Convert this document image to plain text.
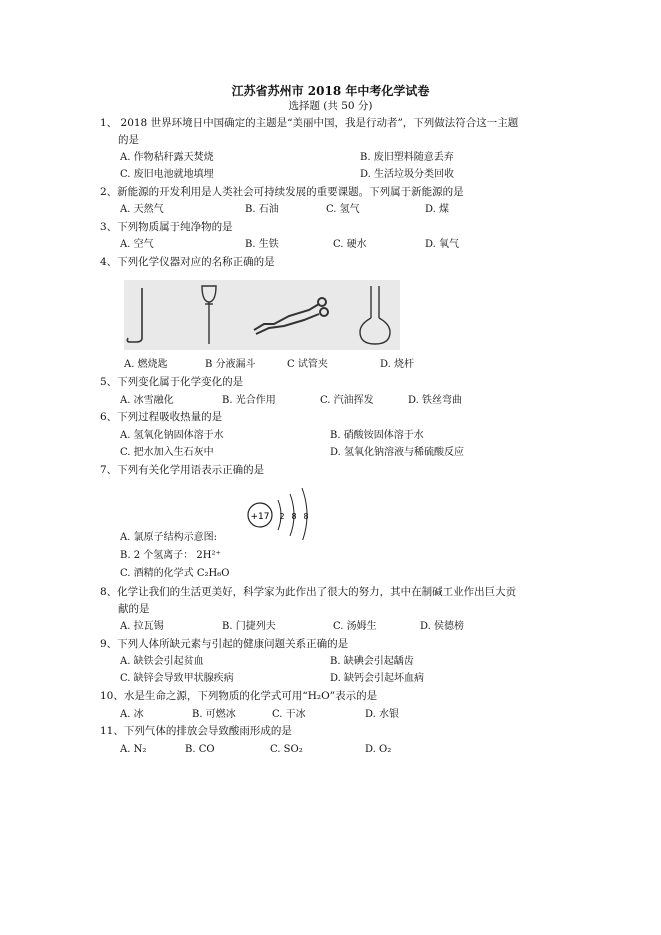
江苏省苏州市 2018 年中考化学试卷
选择题 (共 50 分)
1、 2018 世界环境日中国确定的主题是“美丽中国，我是行动者”，下列做法符合这一主题
的是
A. 作物秸秆露天焚烧	B. 废旧塑料随意丢弃
C. 废旧电池就地填埋	D. 生活垃圾分类回收
2、新能源的开发利用是人类社会可持续发展的重要课题。下列属于新能源的是
A. 天然气	B. 石油	C. 氢气	D. 煤
3、下列物质属于纯净物的是
A. 空气	B. 生铁	C. 硬水	D. 氧气
4、下列化学仪器对应的名称正确的是
A. 燃烧匙	B 分液漏斗	C 试管夹	D. 烧杆
5、下列变化属于化学变化的是
A. 冰雪融化	B. 光合作用	C. 汽油挥发	D. 铁丝弯曲
6、下列过程吸收热量的是
A. 氢氧化钠固体溶于水	B. 硝酸铵固体溶于水
C. 把水加入生石灰中	D. 氢氧化钠溶液与稀硫酸反应
7、下列有关化学用语表示正确的是
+17 2 8 8
A. 氯原子结构示意图:
B. 2 个氢离子： 2H²⁺
C. 酒精的化学式 C₂H₆O
8、化学让我们的生活更美好，科学家为此作出了很大的努力，其中在制碱工业作出巨大贡
献的是
A. 拉瓦锡	B. 门捷列夫	C. 汤姆生	D. 侯德榜
9、下列人体所缺元素与引起的健康问题关系正确的是
A. 缺铁会引起贫血	B. 缺碘会引起龋齿
C. 缺锌会导致甲状腺疾病	D. 缺钙会引起坏血病
10、水是生命之源，下列物质的化学式可用“H₂O”表示的是
A. 冰	B. 可燃冰	C. 干冰	D. 水银
11、下列气体的排放会导致酸雨形成的是
A. N₂	B. CO	C. SO₂	D. O₂
